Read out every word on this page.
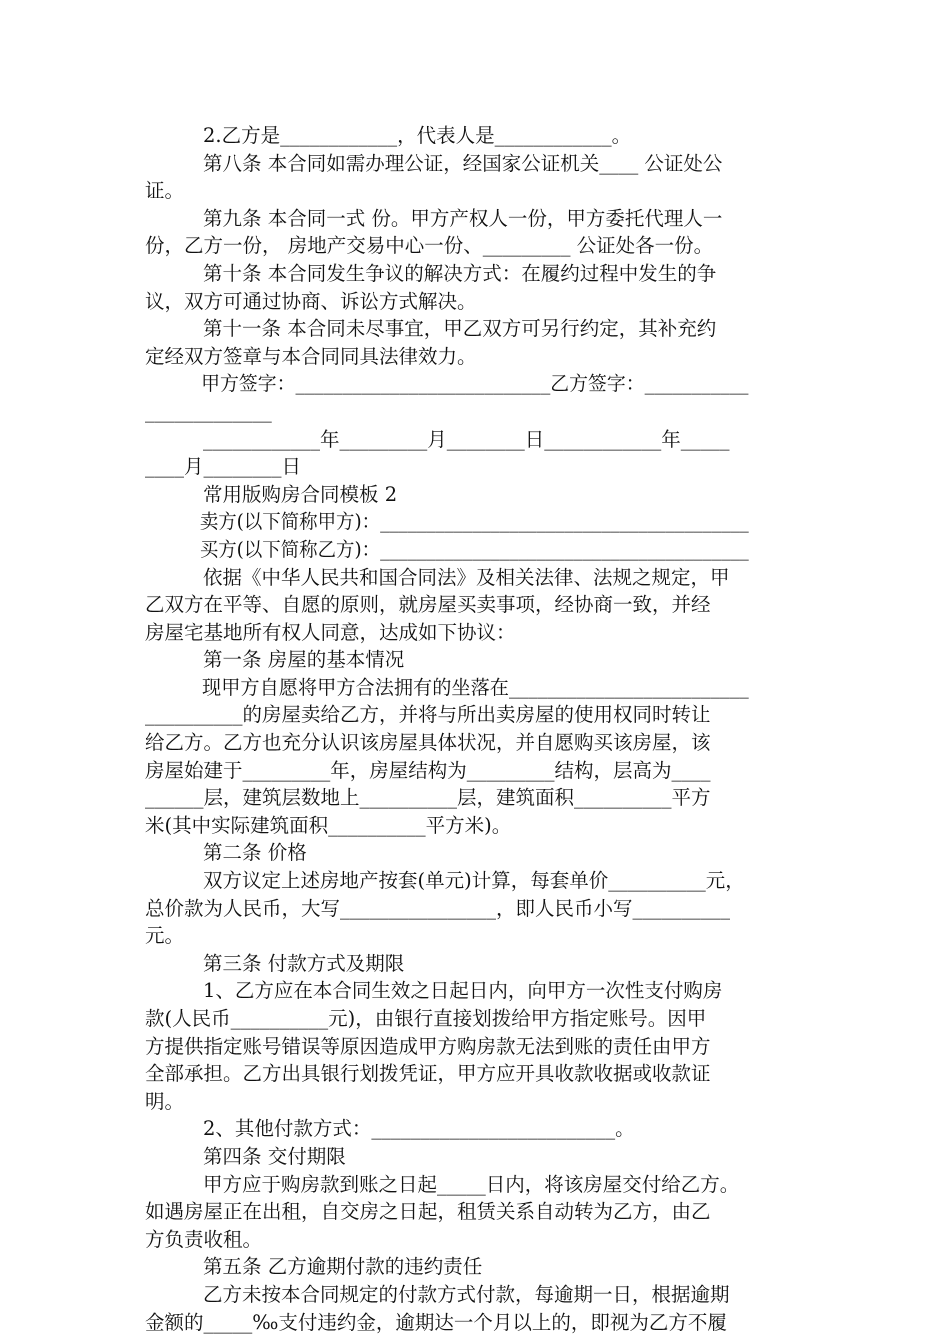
2.乙方是____________，代表人是____________。
第八条 本合同如需办理公证，经国家公证机关____ 公证处公
证。
第九条 本合同一式 份。甲方产权人一份，甲方委托代理人一
份，乙方一份， 房地产交易中心一份、_________ 公证处各一份。
第十条 本合同发生争议的解决方式：在履约过程中发生的争
议，双方可通过协商、诉讼方式解决。
第十一条 本合同未尽事宜，甲乙双方可另行约定，其补充约
定经双方签章与本合同同具法律效力。
甲方签字：___________________________乙方签字：___________
_____________
____________年_________月________日____________年_____
____月________日
常用版购房合同模板 2
卖方(以下简称甲方)：________________________________________
买方(以下简称乙方)：________________________________________
依据《中华人民共和国合同法》及相关法律、法规之规定，甲
乙双方在平等、自愿的原则，就房屋买卖事项，经协商一致，并经
房屋宅基地所有权人同意，达成如下协议：
第一条 房屋的基本情况
现甲方自愿将甲方合法拥有的坐落在_________________________
__________的房屋卖给乙方，并将与所出卖房屋的使用权同时转让
给乙方。乙方也充分认识该房屋具体状况，并自愿购买该房屋，该
房屋始建于_________年，房屋结构为_________结构，层高为____
______层，建筑层数地上__________层，建筑面积__________平方
米(其中实际建筑面积__________平方米)。
第二条 价格
双方议定上述房地产按套(单元)计算，每套单价__________元，
总价款为人民币，大写________________，即人民币小写__________
元。
第三条 付款方式及期限
1、乙方应在本合同生效之日起日内，向甲方一次性支付购房
款(人民币__________元)，由银行直接划拨给甲方指定账号。因甲
方提供指定账号错误等原因造成甲方购房款无法到账的责任由甲方
全部承担。乙方出具银行划拨凭证，甲方应开具收款收据或收款证
明。
2、其他付款方式：_________________________。
第四条 交付期限
甲方应于购房款到账之日起_____日内，将该房屋交付给乙方。
如遇房屋正在出租，自交房之日起，租赁关系自动转为乙方，由乙
方负责收租。
第五条 乙方逾期付款的违约责任
乙方未按本合同规定的付款方式付款，每逾期一日，根据逾期
金额的_____‰支付违约金，逾期达一个月以上的，即视为乙方不履
